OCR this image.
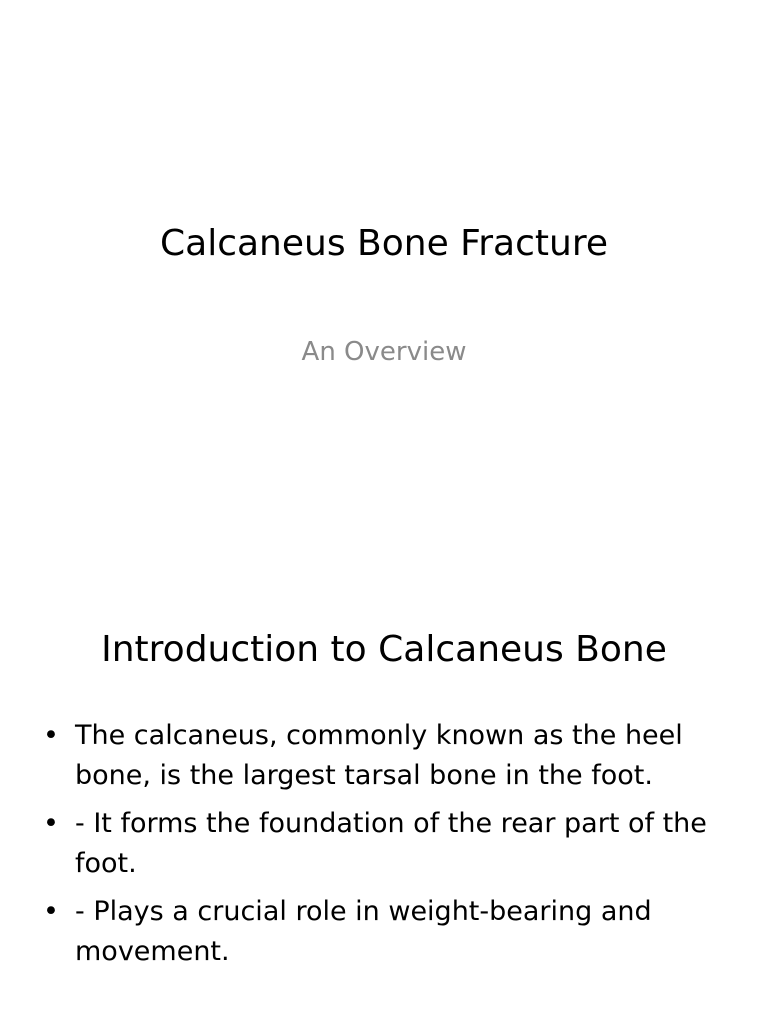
Calcaneus Bone Fracture

An Overview

Introduction to Calcaneus Bone
• The calcaneus, commonly known as the heel bone, is the largest tarsal bone in the foot.
• - It forms the foundation of the rear part of the foot.
• - Plays a crucial role in weight-bearing and movement.
